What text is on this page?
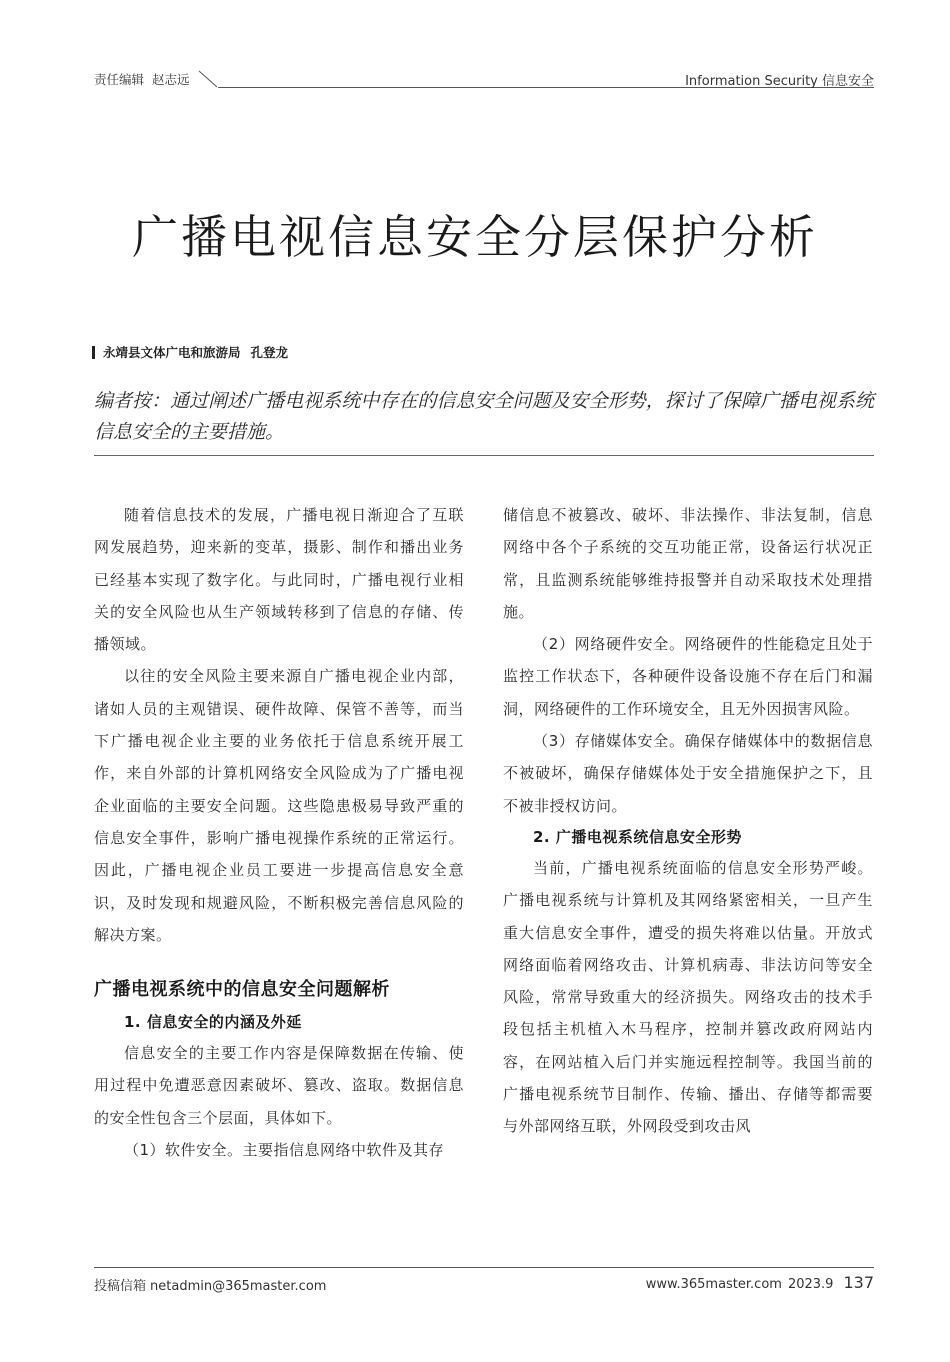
责任编辑 赵志远	Information Security 信息安全
广播电视信息安全分层保护分析
永靖县文体广电和旅游局 孔登龙
编者按：通过阐述广播电视系统中存在的信息安全问题及安全形势，探讨了保障广播电视系统信息安全的主要措施。

随着信息技术的发展，广播电视日渐迎合了互联网发展趋势，迎来新的变革，摄影、制作和播出业务已经基本实现了数字化。与此同时，广播电视行业相关的安全风险也从生产领域转移到了信息的存储、传播领域。

以往的安全风险主要来源自广播电视企业内部，诸如人员的主观错误、硬件故障、保管不善等，而当下广播电视企业主要的业务依托于信息系统开展工作，来自外部的计算机网络安全风险成为了广播电视企业面临的主要安全问题。这些隐患极易导致严重的信息安全事件，影响广播电视操作系统的正常运行。因此，广播电视企业员工要进一步提高信息安全意识，及时发现和规避风险，不断积极完善信息风险的解决方案。

广播电视系统中的信息安全问题解析
1. 信息安全的内涵及外延

信息安全的主要工作内容是保障数据在传输、使用过程中免遭恶意因素破坏、篡改、盗取。数据信息的安全性包含三个层面，具体如下。

（1）软件安全。主要指信息网络中软件及其存

储信息不被篡改、破坏、非法操作、非法复制，信息网络中各个子系统的交互功能正常，设备运行状况正常，且监测系统能够维持报警并自动采取技术处理措施。

（2）网络硬件安全。网络硬件的性能稳定且处于监控工作状态下，各种硬件设备设施不存在后门和漏洞，网络硬件的工作环境安全，且无外因损害风险。

（3）存储媒体安全。确保存储媒体中的数据信息不被破坏，确保存储媒体处于安全措施保护之下，且不被非授权访问。

2. 广播电视系统信息安全形势

当前，广播电视系统面临的信息安全形势严峻。广播电视系统与计算机及其网络紧密相关，一旦产生重大信息安全事件，遭受的损失将难以估量。开放式网络面临着网络攻击、计算机病毒、非法访问等安全风险，常常导致重大的经济损失。网络攻击的技术手段包括主机植入木马程序，控制并篡改政府网站内容，在网站植入后门并实施远程控制等。我国当前的广播电视系统节目制作、传输、播出、存储等都需要与外部网络互联，外网段受到攻击风

投稿信箱 netadmin@365master.com	www.365master.com 2023.9 137
